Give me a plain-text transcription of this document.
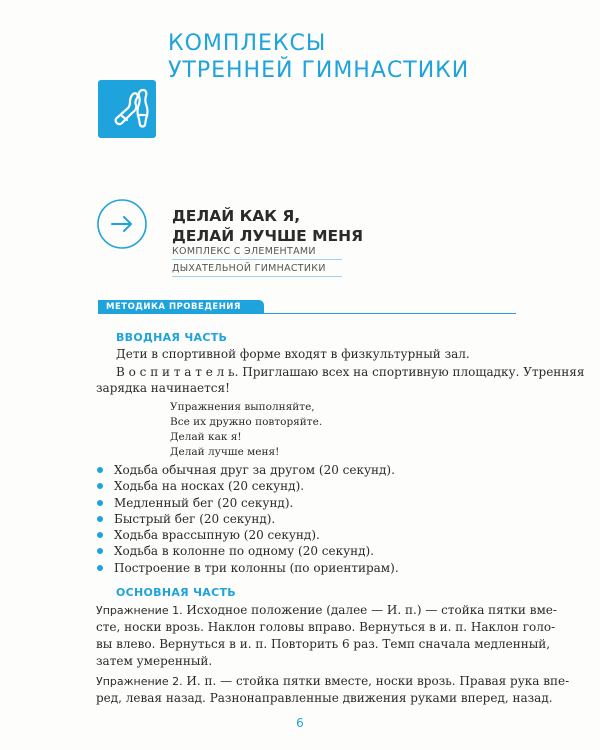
КОМПЛЕКСЫ
УТРЕННЕЙ ГИМНАСТИКИ
ДЕЛАЙ КАК Я,
ДЕЛАЙ ЛУЧШЕ МЕНЯ
КОМПЛЕКС С ЭЛЕМЕНТАМИ
ДЫХАТЕЛЬНОЙ ГИМНАСТИКИ
МЕТОДИКА ПРОВЕДЕНИЯ
ВВОДНАЯ ЧАСТЬ
Дети в спортивной форме входят в физкультурный зал.
В о с п и т а т е л ь. Приглашаю всех на спортивную площадку. Утренняя
зарядка начинается!
Упражнения выполняйте,
Все их дружно повторяйте.
Делай как я!
Делай лучше меня!
Ходьба обычная друг за другом (20 секунд).
Ходьба на носках (20 секунд).
Медленный бег (20 секунд).
Быстрый бег (20 секунд).
Ходьба врассыпную (20 секунд).
Ходьба в колонне по одному (20 секунд).
Построение в три колонны (по ориентирам).
ОСНОВНАЯ ЧАСТЬ
Упражнение 1. Исходное положение (далее — И. п.) — стойка пятки вме-
сте, носки врозь. Наклон головы вправо. Вернуться в и. п. Наклон голо-
вы влево. Вернуться в и. п. Повторить 6 раз. Темп сначала медленный,
затем умеренный.
Упражнение 2. И. п. — стойка пятки вместе, носки врозь. Правая рука впе-
ред, левая назад. Разнонаправленные движения руками вперед, назад.
6
